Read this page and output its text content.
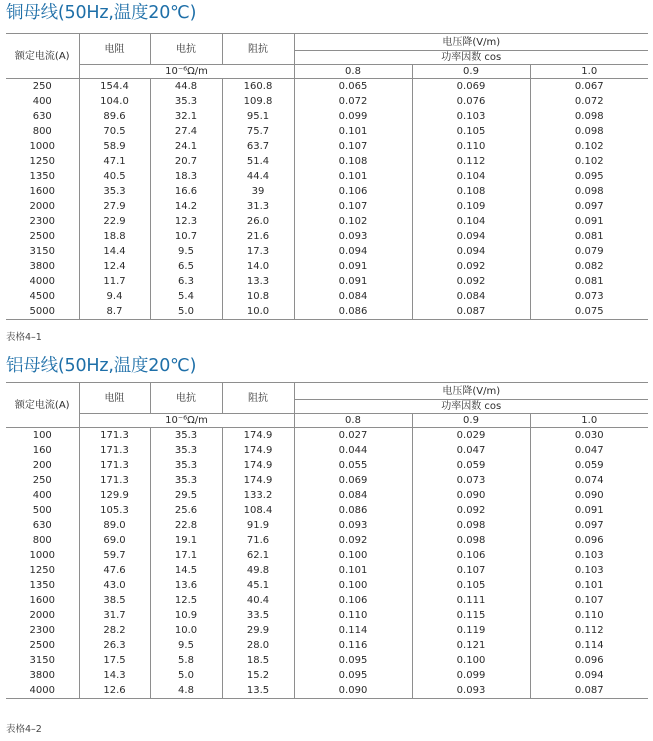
铜母线(50Hz,温度20℃)
额定电流(A)	电阻	电抗	阻抗	电压降(V/m)		
				功率因数 cos		
	10⁻⁶Ω/m			0.8	0.9	1.0
250	154.4	44.8	160.8	0.065	0.069	0.067
400	104.0	35.3	109.8	0.072	0.076	0.072
630	89.6	32.1	95.1	0.099	0.103	0.098
800	70.5	27.4	75.7	0.101	0.105	0.098
1000	58.9	24.1	63.7	0.107	0.110	0.102
1250	47.1	20.7	51.4	0.108	0.112	0.102
1350	40.5	18.3	44.4	0.101	0.104	0.095
1600	35.3	16.6	39	0.106	0.108	0.098
2000	27.9	14.2	31.3	0.107	0.109	0.097
2300	22.9	12.3	26.0	0.102	0.104	0.091
2500	18.8	10.7	21.6	0.093	0.094	0.081
3150	14.4	9.5	17.3	0.094	0.094	0.079
3800	12.4	6.5	14.0	0.091	0.092	0.082
4000	11.7	6.3	13.3	0.091	0.092	0.081
4500	9.4	5.4	10.8	0.084	0.084	0.073
5000	8.7	5.0	10.0	0.086	0.087	0.075
表格4–1
铝母线(50Hz,温度20℃)
额定电流(A)	电阻	电抗	阻抗	电压降(V/m)		
				功率因数 cos		
	10⁻⁶Ω/m			0.8	0.9	1.0
100	171.3	35.3	174.9	0.027	0.029	0.030
160	171.3	35.3	174.9	0.044	0.047	0.047
200	171.3	35.3	174.9	0.055	0.059	0.059
250	171.3	35.3	174.9	0.069	0.073	0.074
400	129.9	29.5	133.2	0.084	0.090	0.090
500	105.3	25.6	108.4	0.086	0.092	0.091
630	89.0	22.8	91.9	0.093	0.098	0.097
800	69.0	19.1	71.6	0.092	0.098	0.096
1000	59.7	17.1	62.1	0.100	0.106	0.103
1250	47.6	14.5	49.8	0.101	0.107	0.103
1350	43.0	13.6	45.1	0.100	0.105	0.101
1600	38.5	12.5	40.4	0.106	0.111	0.107
2000	31.7	10.9	33.5	0.110	0.115	0.110
2300	28.2	10.0	29.9	0.114	0.119	0.112
2500	26.3	9.5	28.0	0.116	0.121	0.114
3150	17.5	5.8	18.5	0.095	0.100	0.096
3800	14.3	5.0	15.2	0.095	0.099	0.094
4000	12.6	4.8	13.5	0.090	0.093	0.087
表格4–2
